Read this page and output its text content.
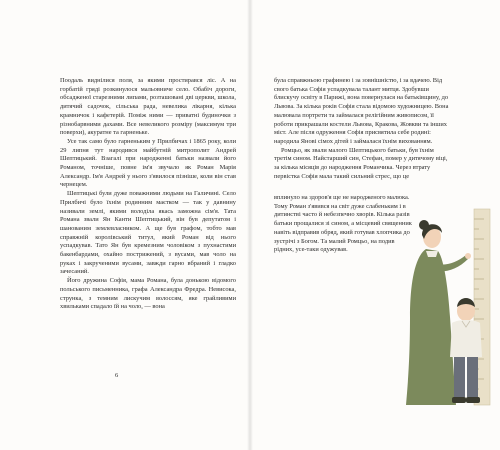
Поодаль виднілися поля, за якими простирався ліс. А на горбатій гряді розкинулося мальовниче село. Обабіч дороги, обсадженої старезними липами, розташовані дві церкви, школа, дитячий садочок, сільська рада, невелика лікарня, кілька крамничок і кафетерій. Поміж ними — приватні будиночки з різнобарвними дахами. Все невеликого розміру (максимум три поверхи), акуратне та гарненьке.

Усе так само було гарненьким у Прилбичах і 1865 року, коли 29 липня тут народився майбутній митрополит Андрей Шептицький. Взагалі при народженні батьки назвали його Романом, точніше, повне ім'я звучало як Роман Марія Александр. Ім'я Андрей у нього з'явилося пізніше, коли він став чернецем.

Шептицькі були дуже поважними людьми на Галичині. Село Прилбичі було їхнім родинним маєтком — так у давнину називали землі, якими володіла якась заможна сім'я. Тата Романа звали Ян Канти Шептицький, він був депутатом і шанованим землевласником. А ще був графом, тобто мав справжній королівський титул, який Роман від нього успадкував. Тато Ян був кремезним чоловіком з пухнастими бакенбардами, охайно пострижений, з вусами, мав чоло на руках і закрученими вусами, завжди гарно вбраний і гладко зачесаний.

Його дружина Софія, мама Романа, була донькою відомого польського письменника, графа Александра Фредра. Невисока, струнка, з темним лискучим волоссям, яке грайливими хвильками спадало їй на чоло, — вона

6

була справжньою графинею і за зовнішністю, і за вдачею. Від свого батька Софія успадкувала талант митця. Здобувши блискучу освіту в Парижі, вона повернулася на батьківщину, до Львова. За кілька років Софія стала відомою художницею. Вона малювала портрети та займалася релігійним живописом, її роботи прикрашали костели Львова, Кракова, Жовкви та інших міст. Але після одруження Софія присвятила себе родині: народила Янові сімох дітей і займалася їхнім вихованням.

Ромцьо, як звали малого Шептицького батьки, був їхнім третім сином. Найстарший син, Стефан, помер у дитячому віці, за кілька місяців до народження Романчика. Через втрату первістка Софія мала такий сильний стрес, що це

вплинуло на здоров'я ще не народженого малюка. Тому Роман з'явився на світ дуже слабеньким і в дитинстві часто й небезпечно хворів. Кілька разів батьки прощалися зі сином, а місцевий священник навіть відправив обряд, який готував хлопчика до зустрічі з Богом. Та малий Ромцьо, на подив рідних, усе-таки одужував.
